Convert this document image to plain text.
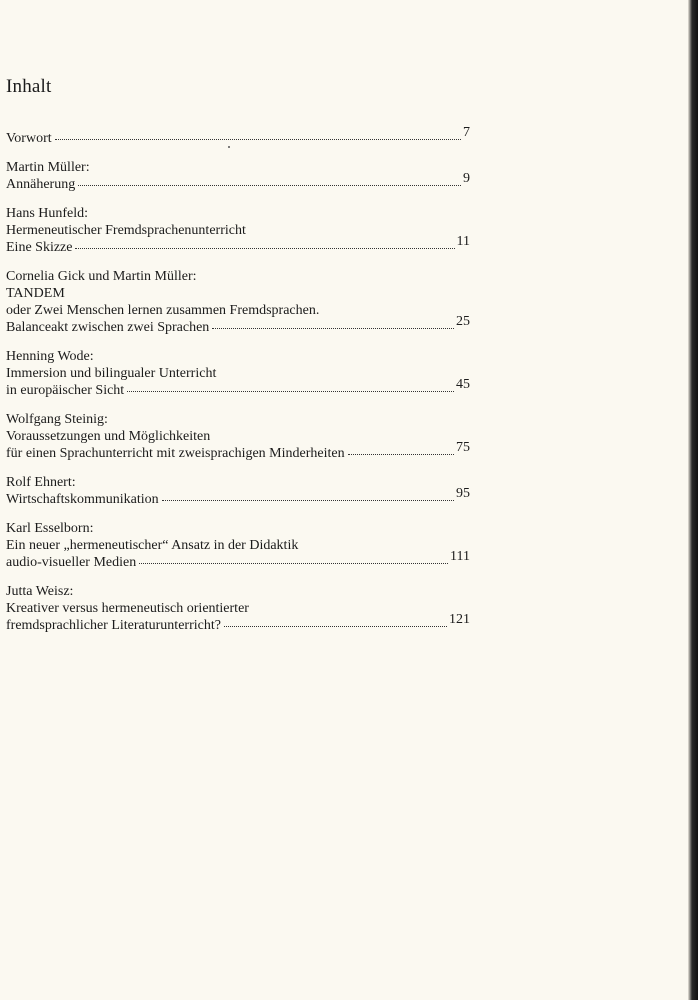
Inhalt
Vorwort	7
Martin Müller:
Annäherung	9
Hans Hunfeld:
Hermeneutischer Fremdsprachenunterricht
Eine Skizze	11
Cornelia Gick und Martin Müller:
TANDEM
oder Zwei Menschen lernen zusammen Fremdsprachen.
Balanceakt zwischen zwei Sprachen	25
Henning Wode:
Immersion und bilingualer Unterricht
in europäischer Sicht	45
Wolfgang Steinig:
Voraussetzungen und Möglichkeiten
für einen Sprachunterricht mit zweisprachigen Minderheiten	75
Rolf Ehnert:
Wirtschaftskommunikation	95
Karl Esselborn:
Ein neuer „hermeneutischer“ Ansatz in der Didaktik
audio-visueller Medien	111
Jutta Weisz:
Kreativer versus hermeneutisch orientierter
fremdsprachlicher Literaturunterricht?	121
